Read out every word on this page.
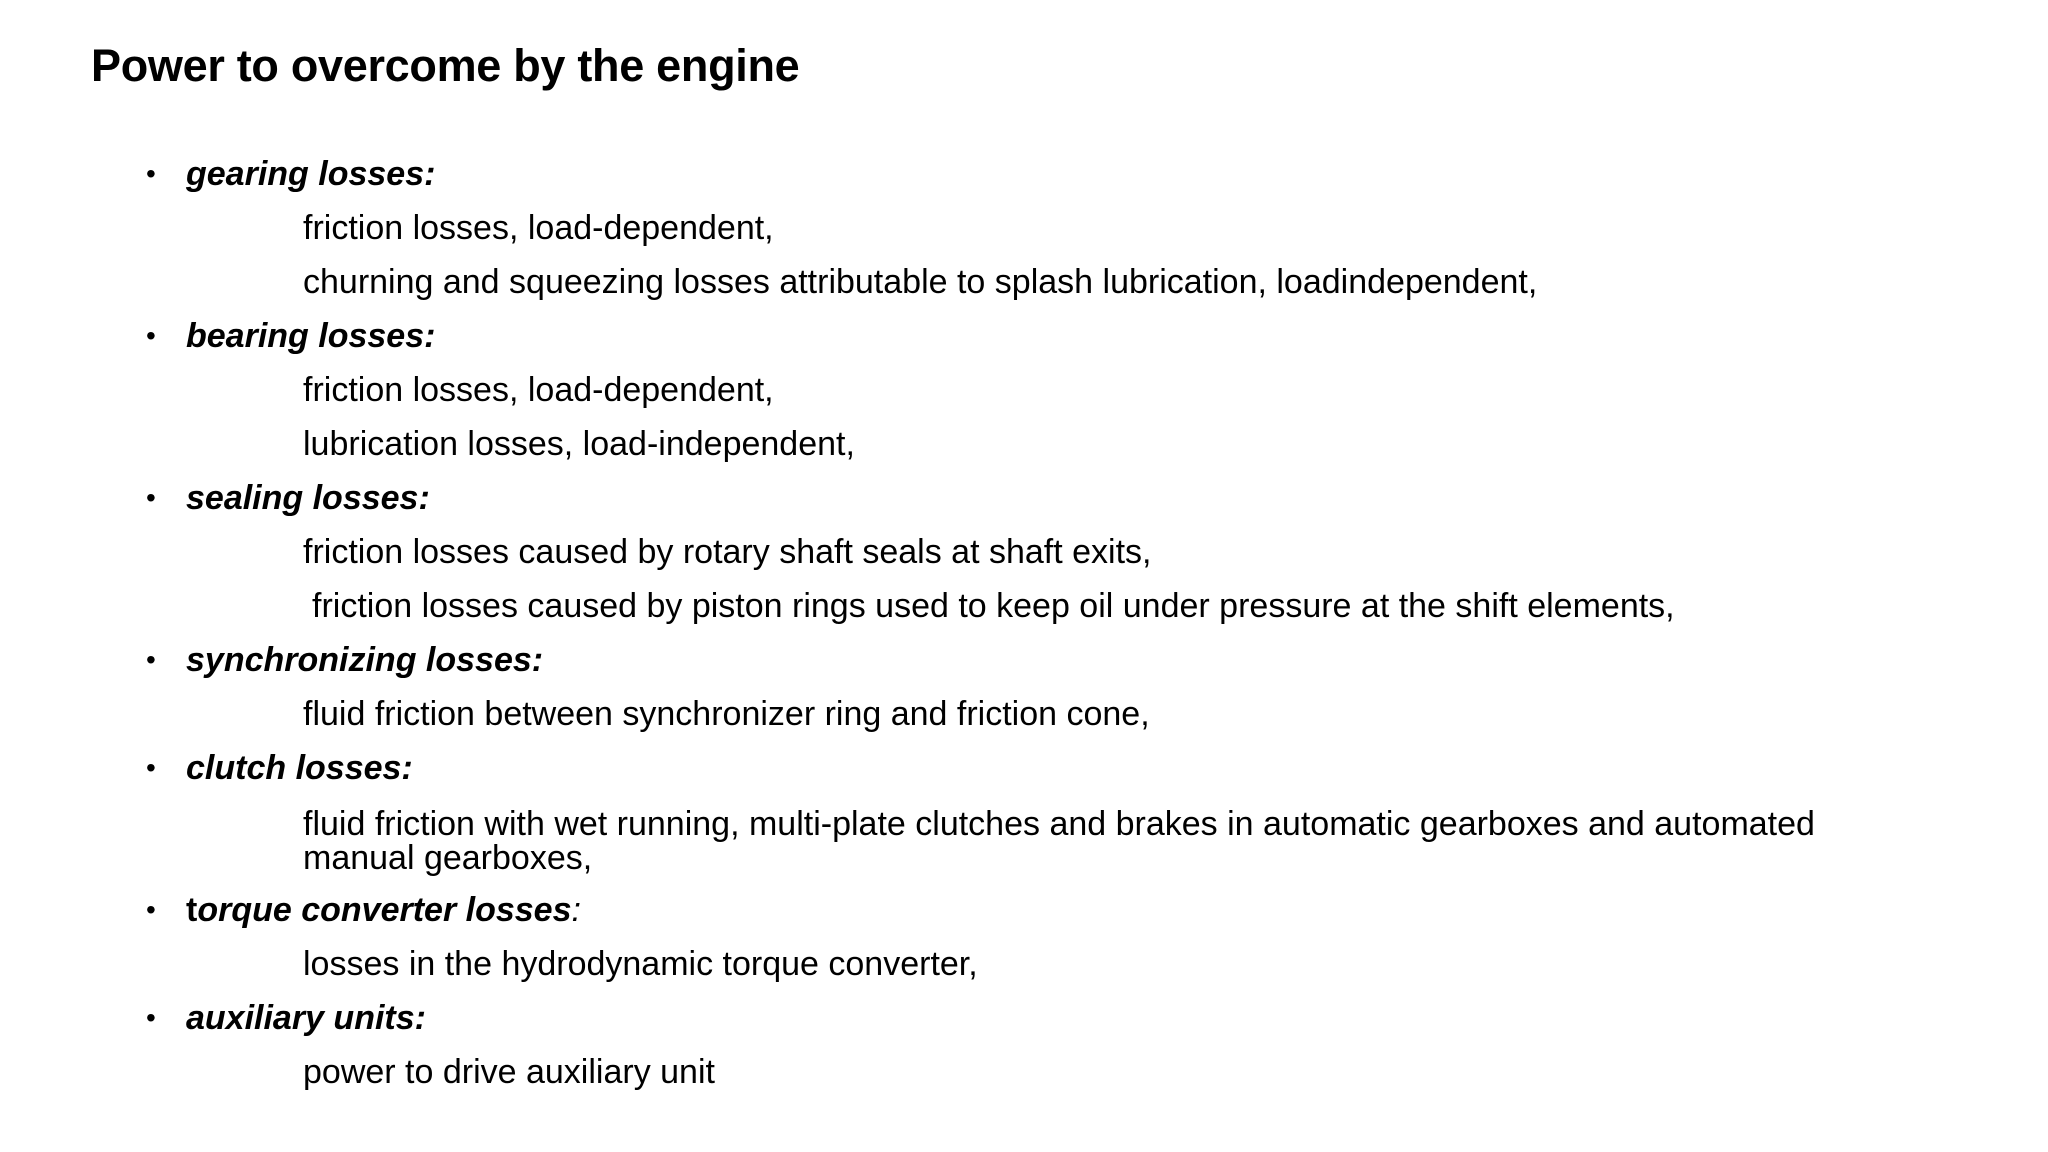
Power to overcome by the engine
• gearing losses:

friction losses, load-dependent,

churning and squeezing losses attributable to splash lubrication, loadindependent,

• bearing losses:

friction losses, load-dependent,

lubrication losses, load-independent,

• sealing losses:

friction losses caused by rotary shaft seals at shaft exits,

friction losses caused by piston rings used to keep oil under pressure at the shift elements,

• synchronizing losses:

fluid friction between synchronizer ring and friction cone,

• clutch losses:

fluid friction with wet running, multi-plate clutches and brakes in automatic gearboxes and automated manual gearboxes,

• torque converter losses:

losses in the hydrodynamic torque converter,

• auxiliary units:

power to drive auxiliary unit
